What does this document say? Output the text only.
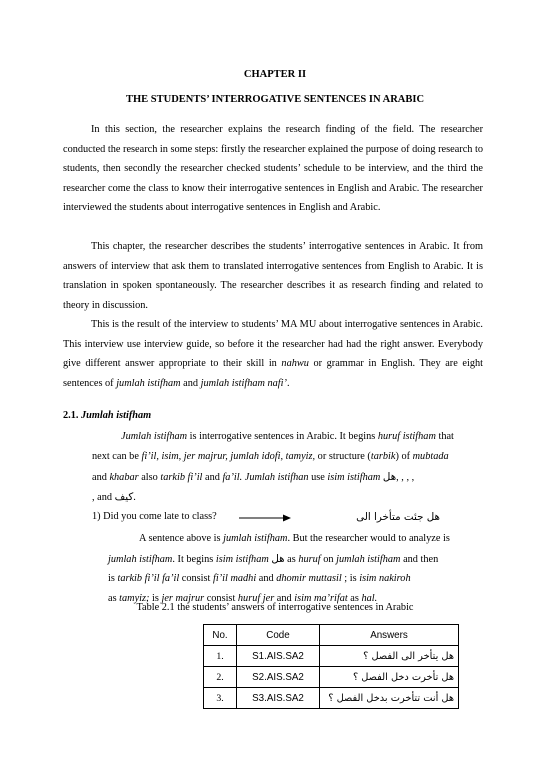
CHAPTER II
THE STUDENTS’ INTERROGATIVE SENTENCES IN ARABIC
In this section, the researcher explains the research finding of the field. The researcher conducted the research in some steps: firstly the researcher explained the purpose of doing research to students, then secondly the researcher checked students’ schedule to be interview, and the third the researcher come the class to know their interrogative sentences in English and Arabic. The researcher interviewed the students about interrogative sentences in English and Arabic.
This chapter, the researcher describes the students’ interrogative sentences in Arabic. It from answers of interview that ask them to translated interrogative sentences from English to Arabic. It is translation in spoken spontaneously. The researcher describes it as research finding and related to theory in discussion.
This is the result of the interview to students’ MA MU about interrogative sentences in Arabic. This interview use interview guide, so before it the researcher had had the right answer. Everybody give different answer appropriate to their skill in nahwu or grammar in English. They are eight sentences of jumlah istifham and jumlah istifham nafi’.
2.1. Jumlah istifham
Jumlah istifham is interrogative sentences in Arabic. It begins huruf istifham that
next can be fi’il, isim, jer majrur, jumlah idofi, tamyiz, or structure (tarbik) of mubtada
and khabar also tarkib fi’il and fa’il. Jumlah istifhan use isim istifham هل, , , ,
, and كيف.
1) Did you come late to class?	هل جئت متأخرا الى
A sentence above is jumlah istifham. But the researcher would to analyze is
jumlah istifham. It begins isim istifham هل as huruf on jumlah istifham and then
is tarkib fi’il fa’il consist fi’il madhi and dhomir muttasil ; is isim nakiroh
as tamyiz; is jer majrur consist huruf jer and isim ma’rifat as hal.
Table 2.1 the students’ answers of interrogative sentences in Arabic
No.	Code	Answers
1.	S1.AIS.SA2	هل يتأخر الى الفصل ؟
2.	S2.AIS.SA2	هل تأخرت دخل الفصل ؟
3.	S3.AIS.SA2	هل أنت تتأخرت بدخل الفصل ؟
